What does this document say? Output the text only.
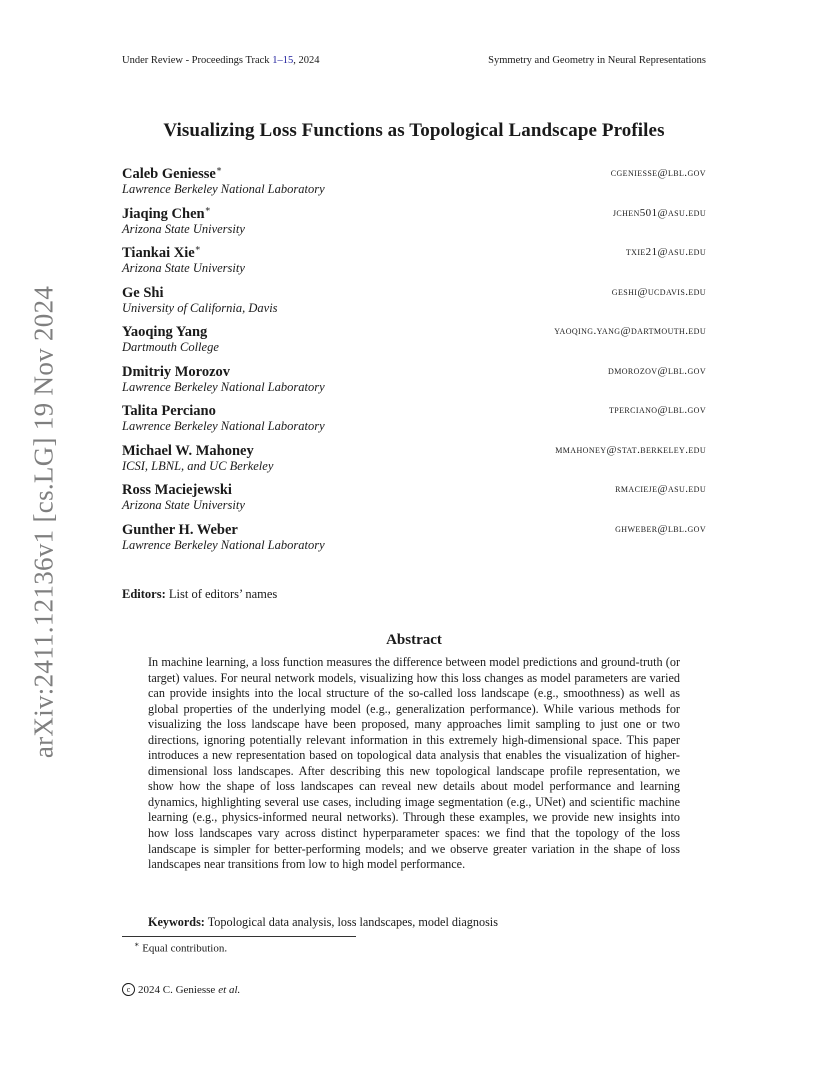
Under Review - Proceedings Track 1–15, 2024	Symmetry and Geometry in Neural Representations
Visualizing Loss Functions as Topological Landscape Profiles
Caleb Geniesse∗
Lawrence Berkeley National Laboratory
cgeniesse@lbl.gov
Jiaqing Chen∗
Arizona State University
jchen501@asu.edu
Tiankai Xie∗
Arizona State University
txie21@asu.edu
Ge Shi
University of California, Davis
geshi@ucdavis.edu
Yaoqing Yang
Dartmouth College
yaoqing.yang@dartmouth.edu
Dmitriy Morozov
Lawrence Berkeley National Laboratory
dmorozov@lbl.gov
Talita Perciano
Lawrence Berkeley National Laboratory
tperciano@lbl.gov
Michael W. Mahoney
ICSI, LBNL, and UC Berkeley
mmahoney@stat.berkeley.edu
Ross Maciejewski
Arizona State University
rmacieje@asu.edu
Gunther H. Weber
Lawrence Berkeley National Laboratory
ghweber@lbl.gov
Editors: List of editors’ names
Abstract
In machine learning, a loss function measures the difference between model predictions and ground-truth (or target) values. For neural network models, visualizing how this loss changes as model parameters are varied can provide insights into the local structure of the so-called loss landscape (e.g., smoothness) as well as global properties of the underlying model (e.g., generalization performance). While various methods for visualizing the loss landscape have been proposed, many approaches limit sampling to just one or two directions, ignoring potentially relevant information in this extremely high-dimensional space. This paper introduces a new representation based on topological data analysis that enables the visualization of higher-dimensional loss landscapes. After describing this new topological landscape profile representation, we show how the shape of loss landscapes can reveal new details about model performance and learning dynamics, highlighting several use cases, including image segmentation (e.g., UNet) and scientific machine learning (e.g., physics-informed neural networks). Through these examples, we provide new insights into how loss landscapes vary across distinct hyperparameter spaces: we find that the topology of the loss landscape is simpler for better-performing models; and we observe greater variation in the shape of loss landscapes near transitions from low to high model performance.
Keywords: Topological data analysis, loss landscapes, model diagnosis
∗ Equal contribution.
c 2024 C. Geniesse et al.
arXiv:2411.12136v1 [cs.LG] 19 Nov 2024
